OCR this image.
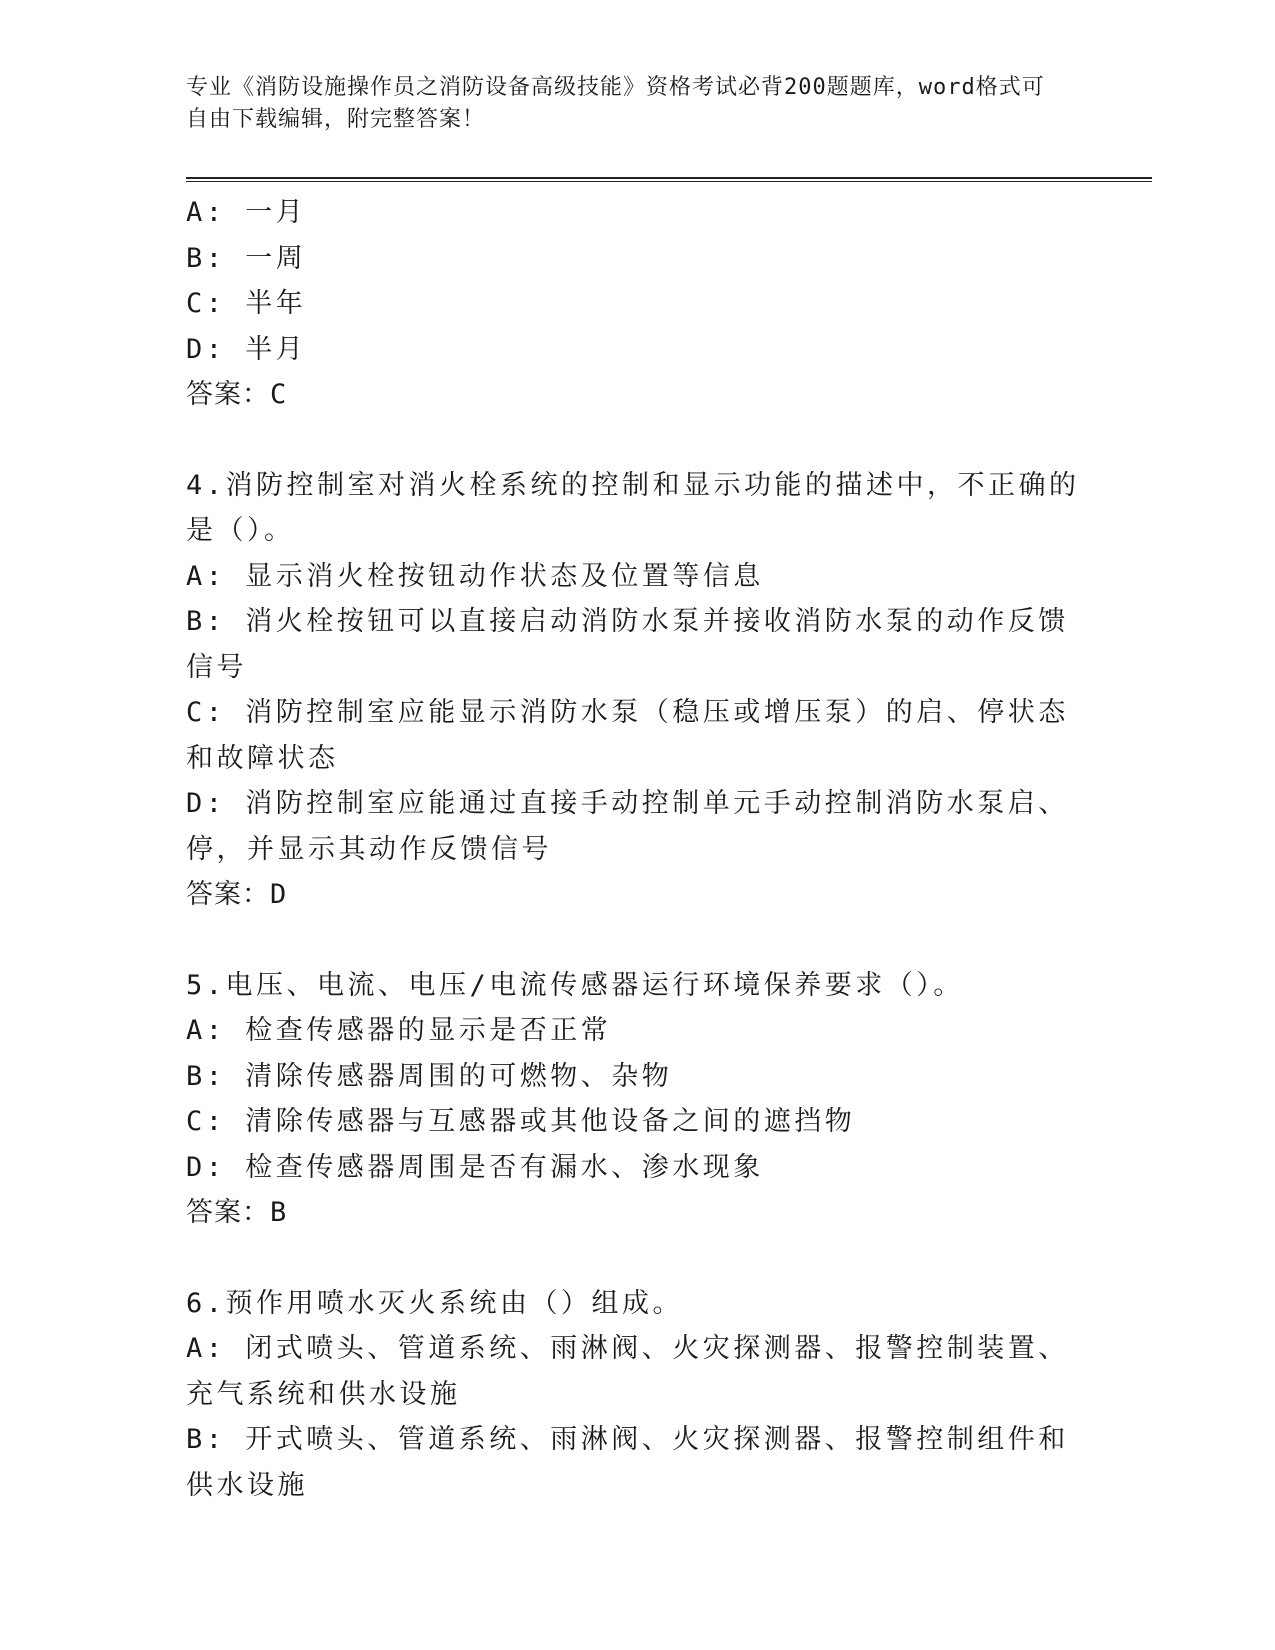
专业《消防设施操作员之消防设备高级技能》资格考试必背200题题库，word格式可自由下载编辑，附完整答案！
A: 一月
B: 一周
C: 半年
D: 半月
答案：C
4.消防控制室对消火栓系统的控制和显示功能的描述中，不正确的是（）。
A: 显示消火栓按钮动作状态及位置等信息
B: 消火栓按钮可以直接启动消防水泵并接收消防水泵的动作反馈信号
C: 消防控制室应能显示消防水泵（稳压或增压泵）的启、停状态和故障状态
D: 消防控制室应能通过直接手动控制单元手动控制消防水泵启、停，并显示其动作反馈信号
答案：D
5.电压、电流、电压/电流传感器运行环境保养要求（）。
A: 检查传感器的显示是否正常
B: 清除传感器周围的可燃物、杂物
C: 清除传感器与互感器或其他设备之间的遮挡物
D: 检查传感器周围是否有漏水、渗水现象
答案：B
6.预作用喷水灭火系统由（）组成。
A: 闭式喷头、管道系统、雨淋阀、火灾探测器、报警控制装置、充气系统和供水设施
B: 开式喷头、管道系统、雨淋阀、火灾探测器、报警控制组件和供水设施
